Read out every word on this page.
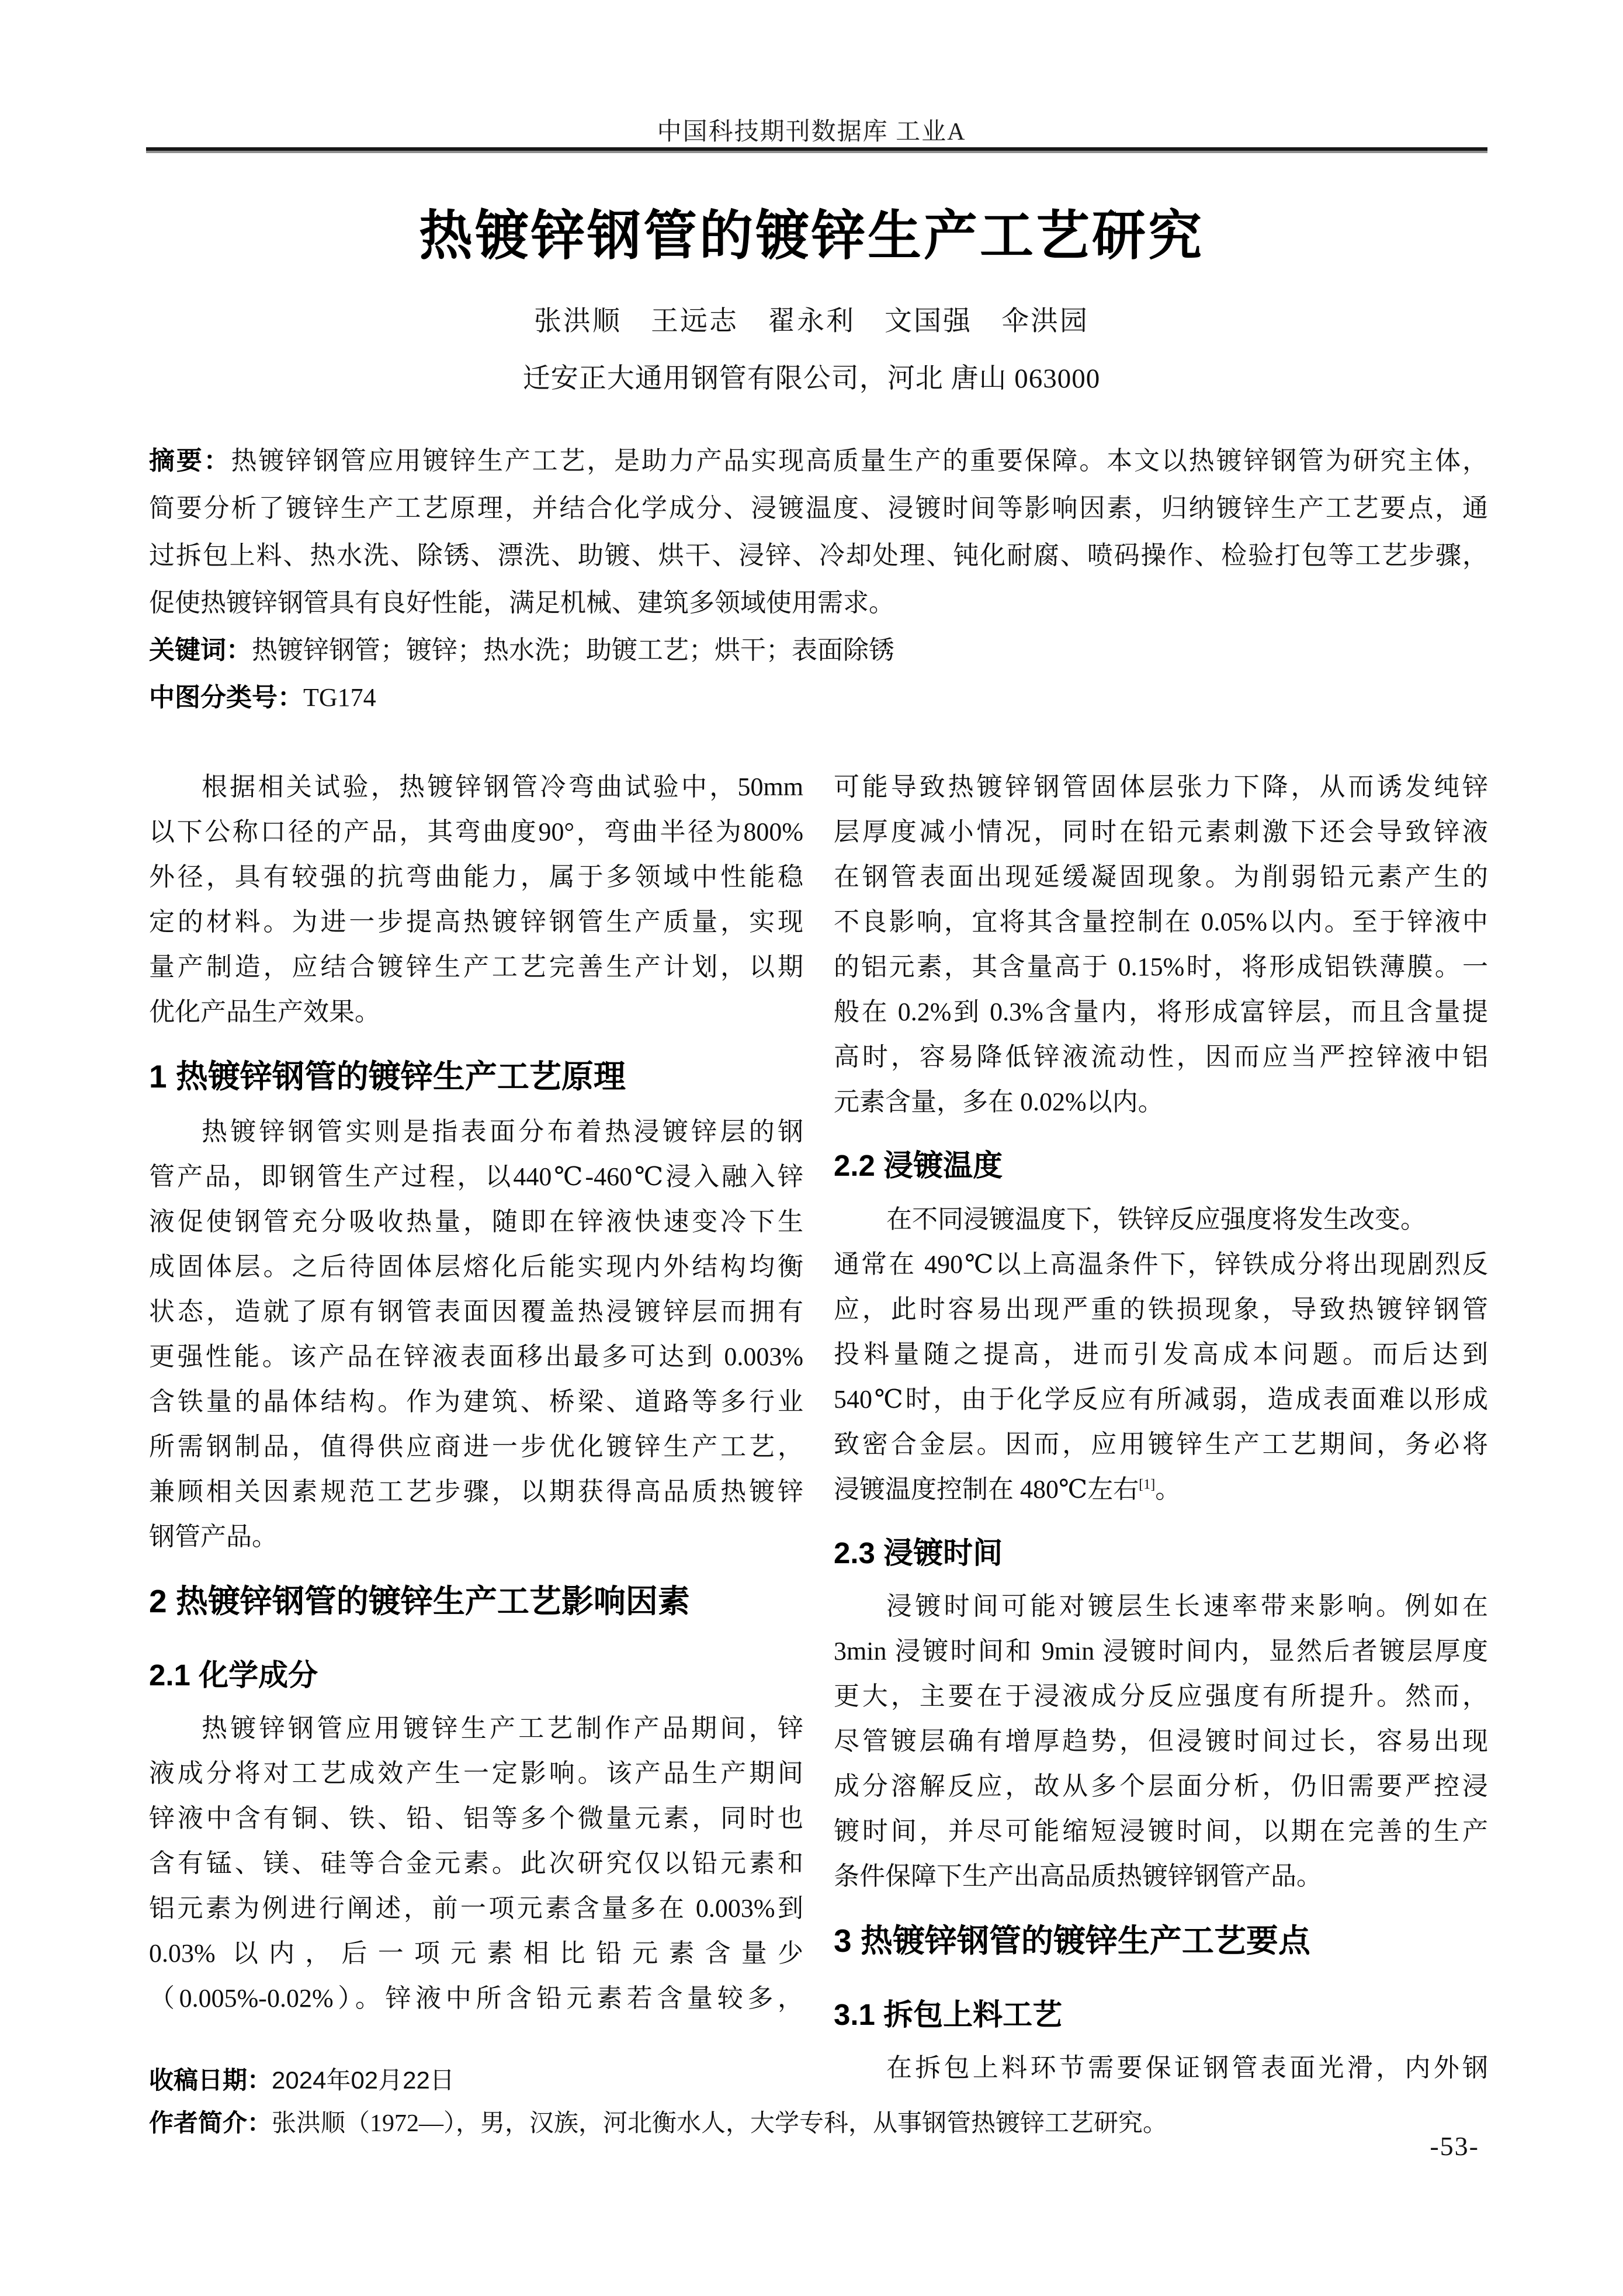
中国科技期刊数据库 工业A
热镀锌钢管的镀锌生产工艺研究
张洪顺　王远志　翟永利　文国强　伞洪园
迁安正大通用钢管有限公司，河北 唐山 063000
摘要：热镀锌钢管应用镀锌生产工艺，是助力产品实现高质量生产的重要保障。本文以热镀锌钢管为研究主体，
简要分析了镀锌生产工艺原理，并结合化学成分、浸镀温度、浸镀时间等影响因素，归纳镀锌生产工艺要点，通
过拆包上料、热水洗、除锈、漂洗、助镀、烘干、浸锌、冷却处理、钝化耐腐、喷码操作、检验打包等工艺步骤，
促使热镀锌钢管具有良好性能，满足机械、建筑多领域使用需求。
关键词：热镀锌钢管；镀锌；热水洗；助镀工艺；烘干；表面除锈
中图分类号：TG174
根据相关试验，热镀锌钢管冷弯曲试验中，50mm
以下公称口径的产品，其弯曲度90°，弯曲半径为800%
外径，具有较强的抗弯曲能力，属于多领域中性能稳
定的材料。为进一步提高热镀锌钢管生产质量，实现
量产制造，应结合镀锌生产工艺完善生产计划，以期
优化产品生产效果。
1 热镀锌钢管的镀锌生产工艺原理
热镀锌钢管实则是指表面分布着热浸镀锌层的钢
管产品，即钢管生产过程，以440℃-460℃浸入融入锌
液促使钢管充分吸收热量，随即在锌液快速变冷下生
成固体层。之后待固体层熔化后能实现内外结构均衡
状态，造就了原有钢管表面因覆盖热浸镀锌层而拥有
更强性能。该产品在锌液表面移出最多可达到 0.003%
含铁量的晶体结构。作为建筑、桥梁、道路等多行业
所需钢制品，值得供应商进一步优化镀锌生产工艺，
兼顾相关因素规范工艺步骤，以期获得高品质热镀锌
钢管产品。
2 热镀锌钢管的镀锌生产工艺影响因素
2.1 化学成分
热镀锌钢管应用镀锌生产工艺制作产品期间，锌
液成分将对工艺成效产生一定影响。该产品生产期间
锌液中含有铜、铁、铅、铝等多个微量元素，同时也
含有锰、镁、硅等合金元素。此次研究仅以铅元素和
铝元素为例进行阐述，前一项元素含量多在 0.003%到
0.03% 以内，后一项元素相比铅元素含量少
（0.005%-0.02%）。锌液中所含铅元素若含量较多，
可能导致热镀锌钢管固体层张力下降，从而诱发纯锌
层厚度减小情况，同时在铅元素刺激下还会导致锌液
在钢管表面出现延缓凝固现象。为削弱铅元素产生的
不良影响，宜将其含量控制在 0.05%以内。至于锌液中
的铝元素，其含量高于 0.15%时，将形成铝铁薄膜。一
般在 0.2%到 0.3%含量内，将形成富锌层，而且含量提
高时，容易降低锌液流动性，因而应当严控锌液中铝
元素含量，多在 0.02%以内。
2.2 浸镀温度
在不同浸镀温度下，铁锌反应强度将发生改变。
通常在 490℃以上高温条件下，锌铁成分将出现剧烈反
应，此时容易出现严重的铁损现象，导致热镀锌钢管
投料量随之提高，进而引发高成本问题。而后达到
540℃时，由于化学反应有所减弱，造成表面难以形成
致密合金层。因而，应用镀锌生产工艺期间，务必将
浸镀温度控制在 480℃左右[1]。
2.3 浸镀时间
浸镀时间可能对镀层生长速率带来影响。例如在
3min 浸镀时间和 9min 浸镀时间内，显然后者镀层厚度
更大，主要在于浸液成分反应强度有所提升。然而，
尽管镀层确有增厚趋势，但浸镀时间过长，容易出现
成分溶解反应，故从多个层面分析，仍旧需要严控浸
镀时间，并尽可能缩短浸镀时间，以期在完善的生产
条件保障下生产出高品质热镀锌钢管产品。
3 热镀锌钢管的镀锌生产工艺要点
3.1 拆包上料工艺
在拆包上料环节需要保证钢管表面光滑，内外钢
收稿日期：2024年02月22日
作者简介：张洪顺（1972—），男，汉族，河北衡水人，大学专科，从事钢管热镀锌工艺研究。
-53-
